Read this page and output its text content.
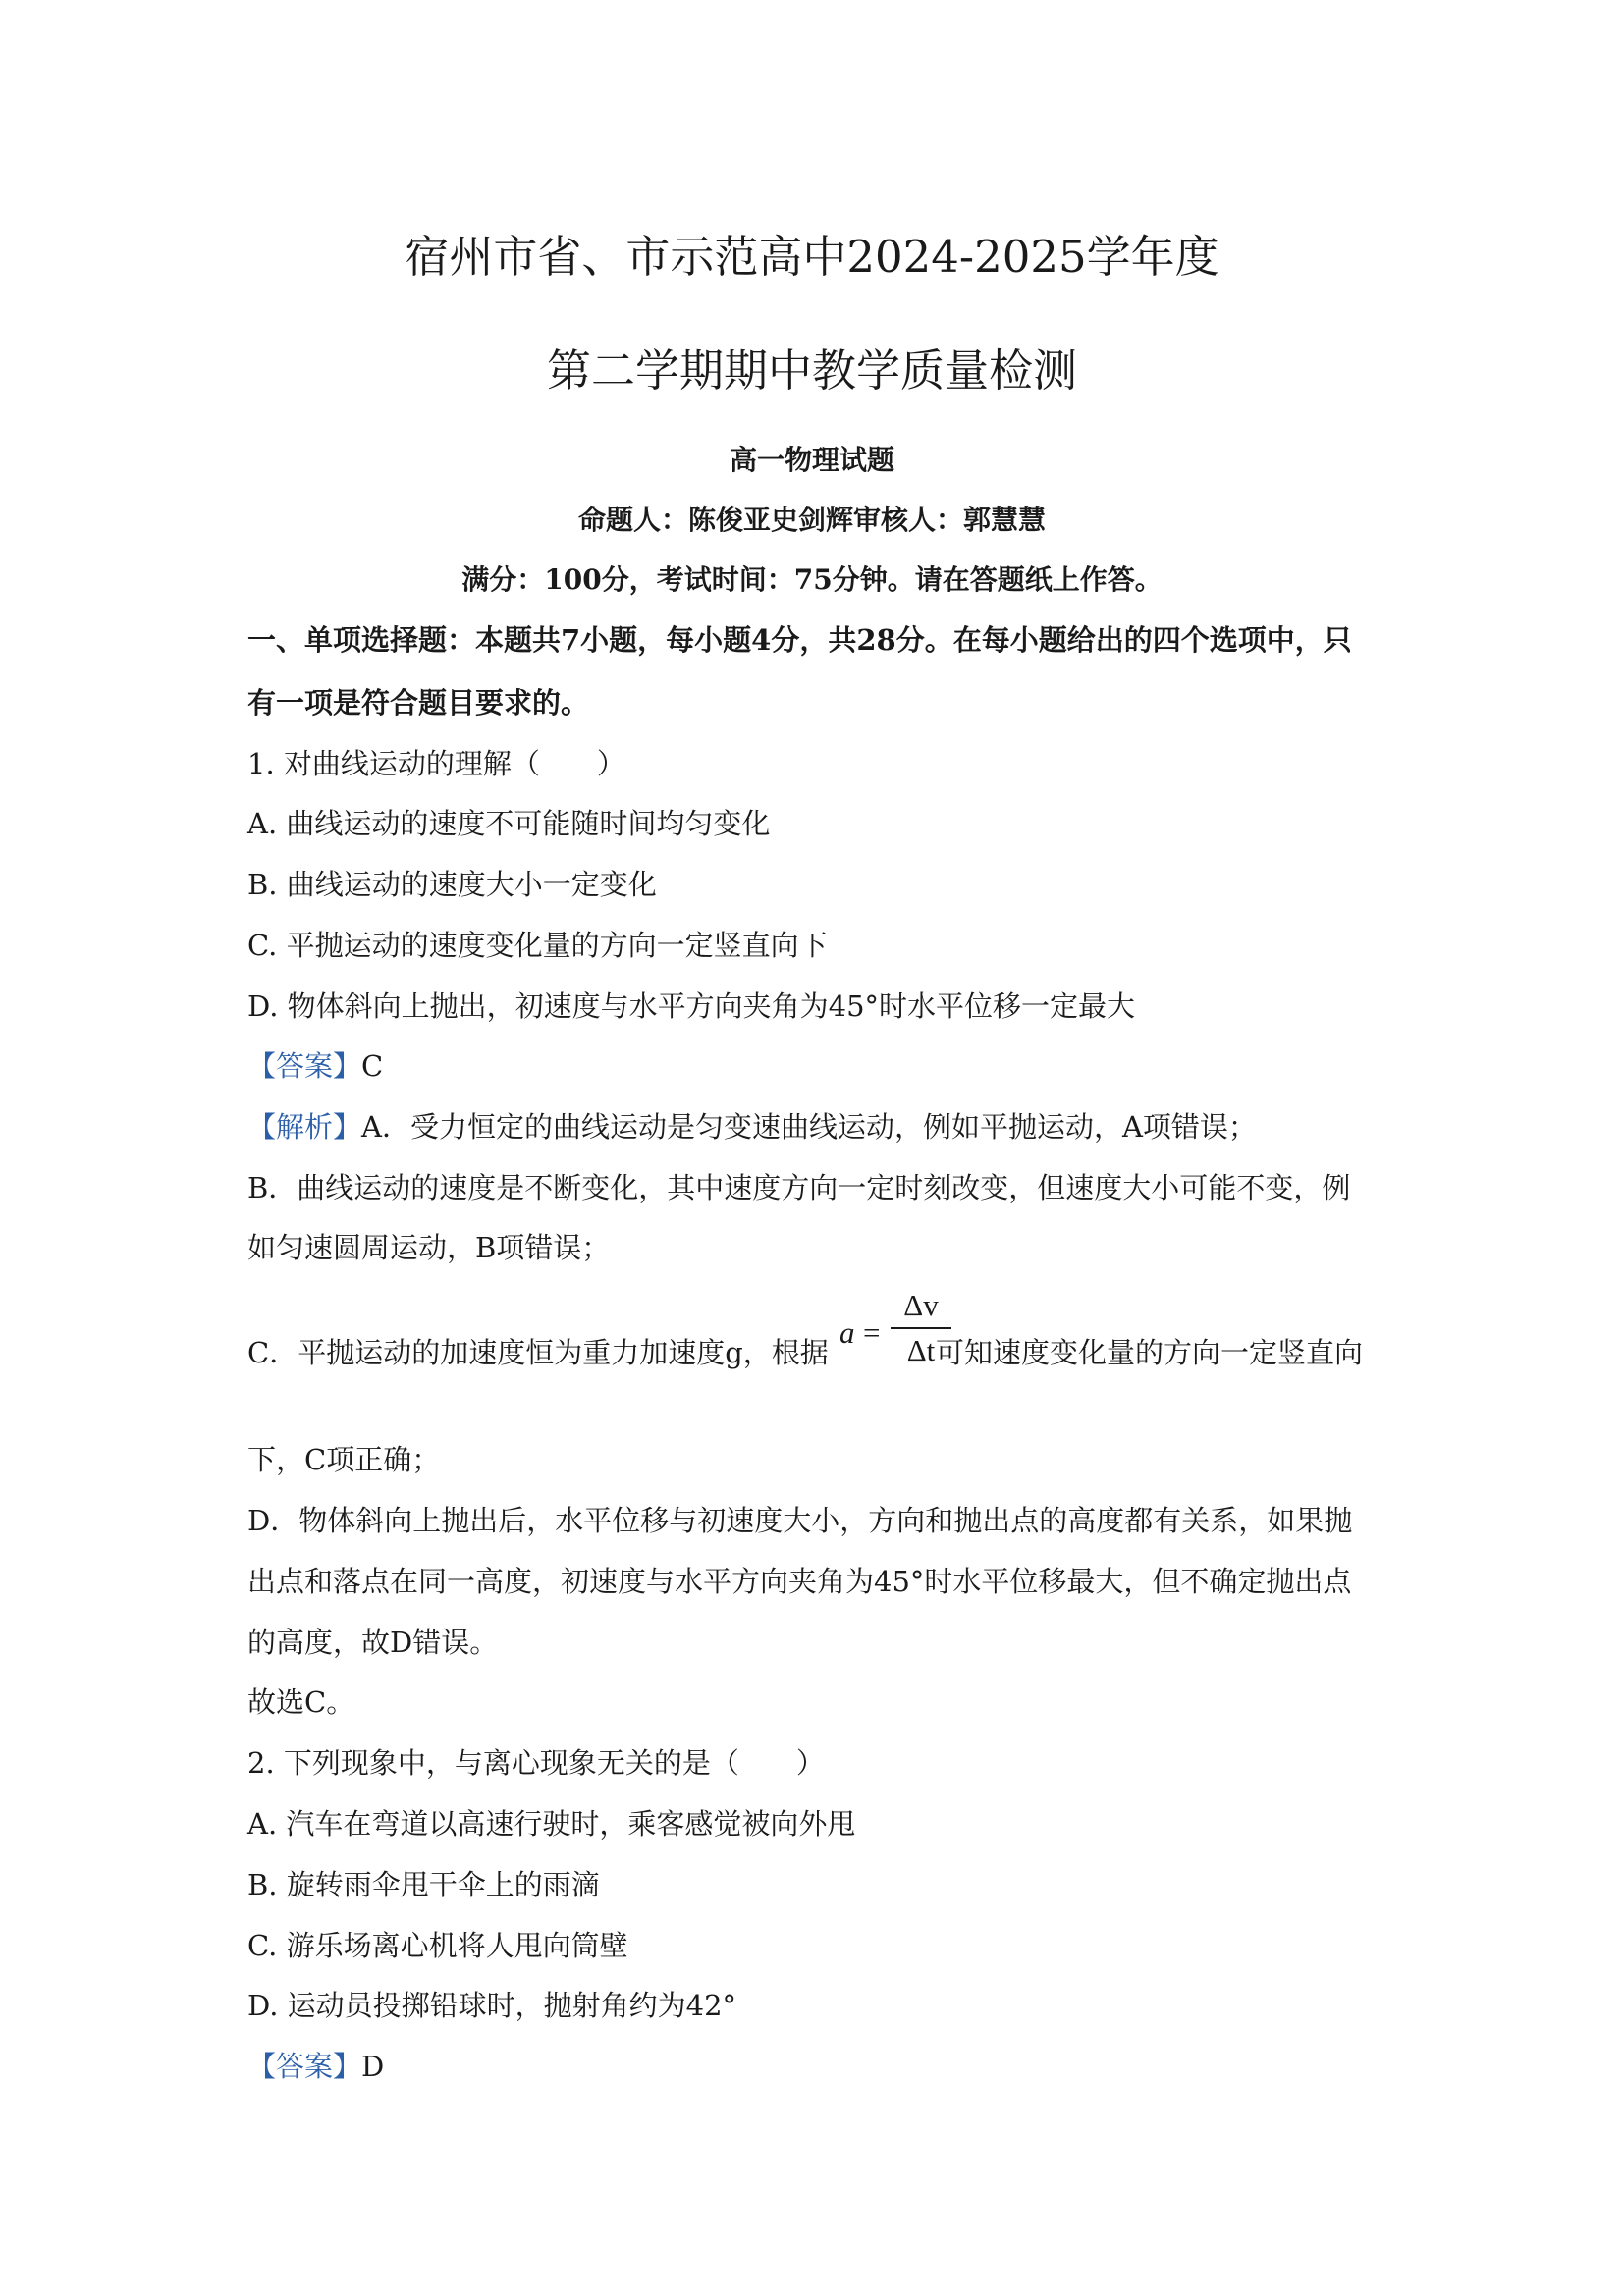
宿州市省、市示范高中2024-2025学年度
第二学期期中教学质量检测
高一物理试题
命题人：陈俊亚史剑辉审核人：郭慧慧
满分：100分，考试时间：75分钟。请在答题纸上作答。
一、单项选择题：本题共7小题，每小题4分，共28分。在每小题给出的四个选项中，只
有一项是符合题目要求的。
1. 对曲线运动的理解（　　）
A. 曲线运动的速度不可能随时间均匀变化
B. 曲线运动的速度大小一定变化
C. 平抛运动的速度变化量的方向一定竖直向下
D. 物体斜向上抛出，初速度与水平方向夹角为45°时水平位移一定最大
【答案】C
【解析】A．受力恒定的曲线运动是匀变速曲线运动，例如平抛运动，A项错误；
B．曲线运动的速度是不断变化，其中速度方向一定时刻改变，但速度大小可能不变，例
如匀速圆周运动，B项错误；
C．平抛运动的加速度恒为重力加速度g，根据
a =
Δv
Δt 可知速度变化量的方向一定竖直向
下，C项正确；
D．物体斜向上抛出后，水平位移与初速度大小，方向和抛出点的高度都有关系，如果抛
出点和落点在同一高度，初速度与水平方向夹角为45°时水平位移最大，但不确定抛出点
的高度，故D错误。
故选C。
2. 下列现象中，与离心现象无关的是（　　）
A. 汽车在弯道以高速行驶时，乘客感觉被向外甩
B. 旋转雨伞甩干伞上的雨滴
C. 游乐场离心机将人甩向筒壁
D. 运动员投掷铅球时，抛射角约为42°
【答案】D
